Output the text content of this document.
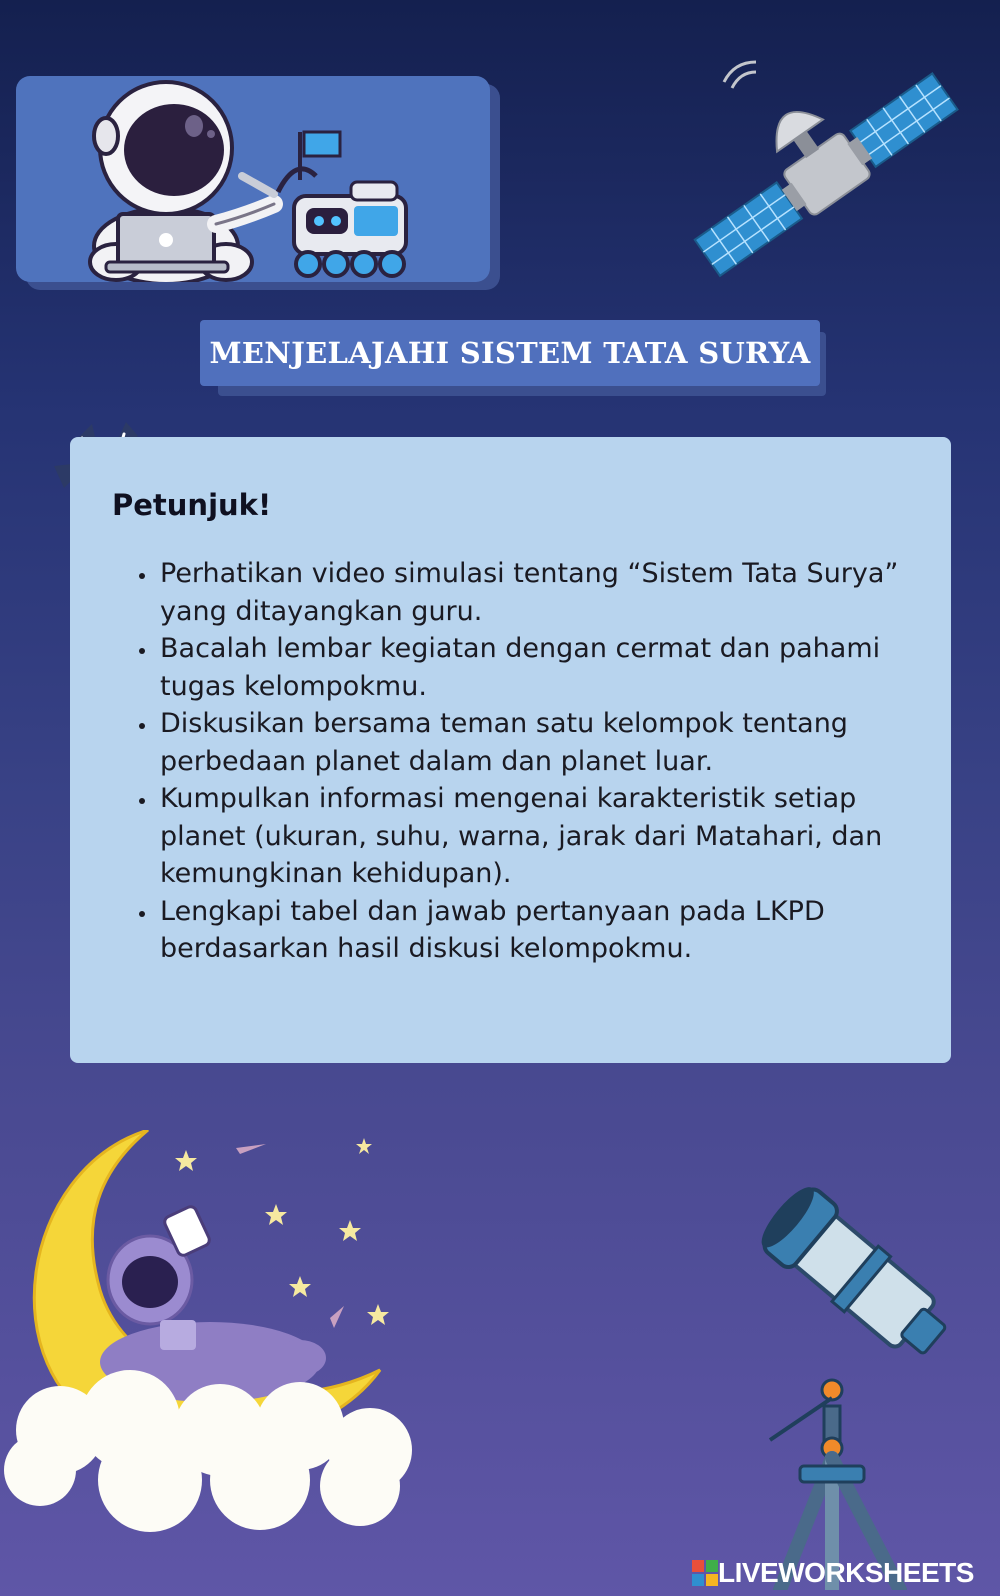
MENJELAJAHI SISTEM TATA SURYA
Petunjuk!
• Perhatikan video simulasi tentang “Sistem Tata Surya” yang ditayangkan guru.
• Bacalah lembar kegiatan dengan cermat dan pahami tugas kelompokmu.
• Diskusikan bersama teman satu kelompok tentang perbedaan planet dalam dan planet luar.
• Kumpulkan informasi mengenai karakteristik setiap planet (ukuran, suhu, warna, jarak dari Matahari, dan kemungkinan kehidupan).
• Lengkapi tabel dan jawab pertanyaan pada LKPD berdasarkan hasil diskusi kelompokmu.
LIVEWORKSHEETS
